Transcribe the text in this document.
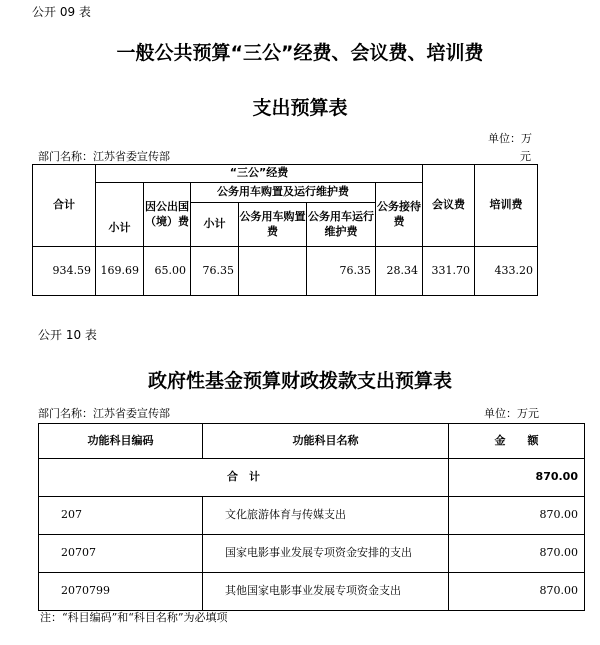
公开 09 表
一般公共预算“三公”经费、会议费、培训费
支出预算表
单位：万
元
部门名称：江苏省委宣传部
合计	“三公”经费						会议费	培训费
	小计	因公出国（境）费	公务用车购置及运行维护费			公务接待费		
			小计	公务用车购置费	公务用车运行维护费			
934.59	169.69	65.00	76.35		76.35	28.34	331.70	433.20
公开 10 表
政府性基金预算财政拨款支出预算表
部门名称：江苏省委宣传部	单位：万元
功能科目编码	功能科目名称	金　　额
合　计		870.00
207	文化旅游体育与传媒支出	870.00
20707	国家电影事业发展专项资金安排的支出	870.00
2070799	其他国家电影事业发展专项资金支出	870.00
注：“科目编码”和“科目名称”为必填项
